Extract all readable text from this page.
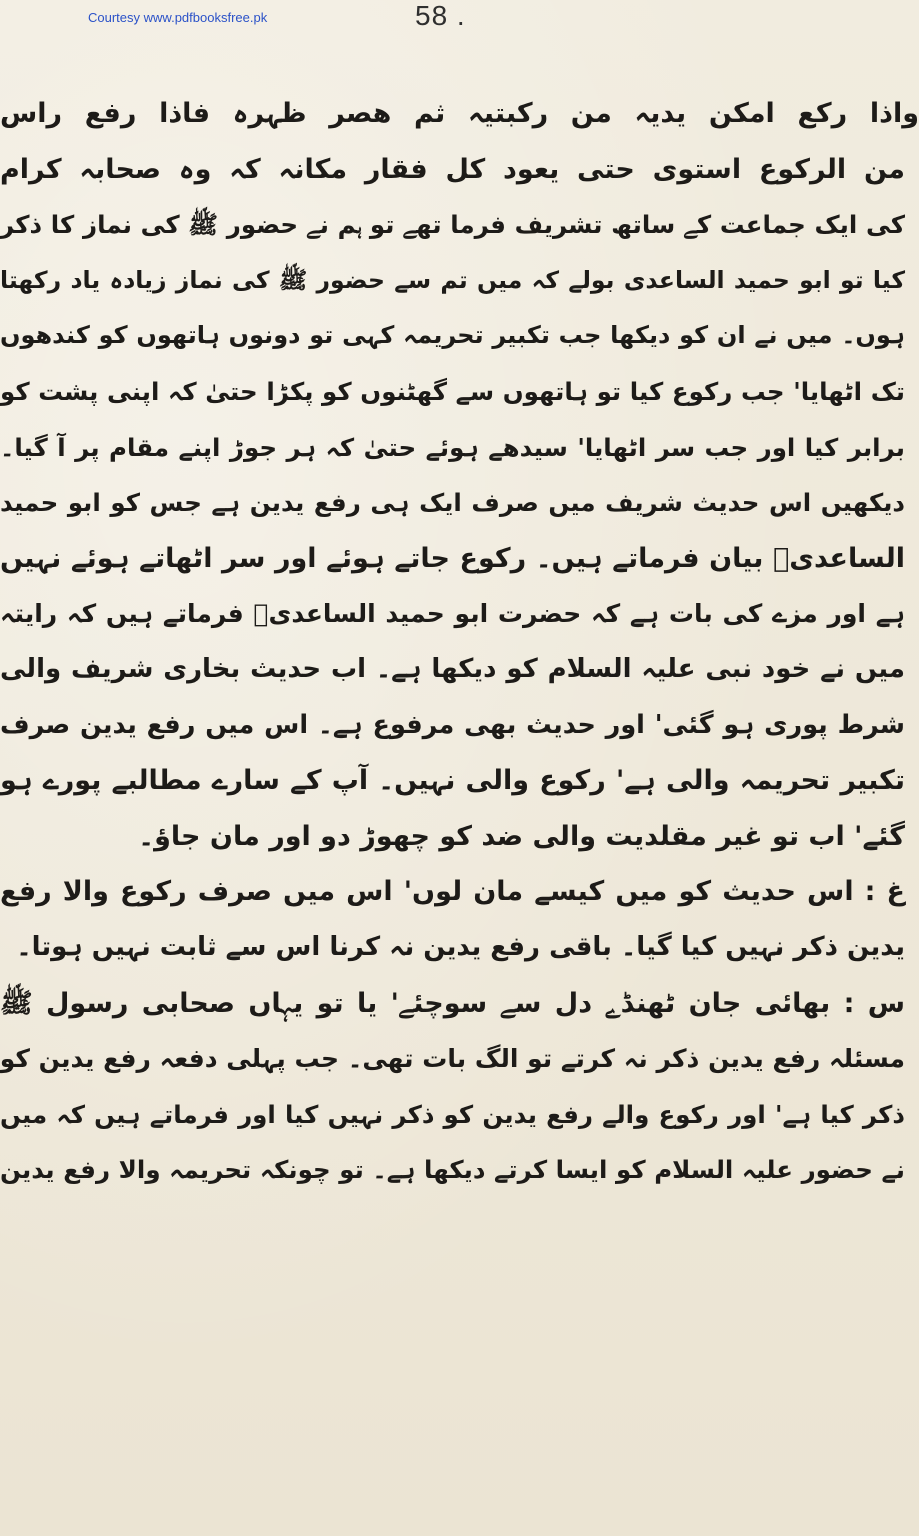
Courtesy www.pdfbooksfree.pk	58 .

واذا رکع امکن یدیہ من رکبتیہ ثم ھصر ظہرہ فاذا رفع راس
من الرکوع استوی حتی یعود کل فقار مکانہ کہ وہ صحابہ کرام
کی ایک جماعت کے ساتھ تشریف فرما تھے تو ہم نے حضور ﷺ کی نماز کا ذکر
کیا تو ابو حمید الساعدی بولے کہ میں تم سے حضور ﷺ کی نماز زیادہ یاد رکھتا
ہوں۔ میں نے ان کو دیکھا جب تکبیر تحریمہ کہی تو دونوں ہاتھوں کو کندھوں
تک اٹھایا' جب رکوع کیا تو ہاتھوں سے گھٹنوں کو پکڑا حتیٰ کہ اپنی پشت کو
برابر کیا اور جب سر اٹھایا' سیدھے ہوئے حتیٰ کہ ہر جوڑ اپنے مقام پر آ گیا۔
دیکھیں اس حدیث شریف میں صرف ایک ہی رفع یدین ہے جس کو ابو حمید
الساعدیؓ بیان فرماتے ہیں۔ رکوع جاتے ہوئے اور سر اٹھاتے ہوئے نہیں
ہے اور مزے کی بات ہے کہ حضرت ابو حمید الساعدیؓ فرماتے ہیں کہ رایتہ
میں نے خود نبی علیہ السلام کو دیکھا ہے۔ اب حدیث بخاری شریف والی
شرط پوری ہو گئی' اور حدیث بھی مرفوع ہے۔ اس میں رفع یدین صرف
تکبیر تحریمہ والی ہے' رکوع والی نہیں۔ آپ کے سارے مطالبے پورے ہو
گئے' اب تو غیر مقلدیت والی ضد کو چھوڑ دو اور مان جاؤ۔
غ : اس حدیث کو میں کیسے مان لوں' اس میں صرف رکوع والا رفع
یدین ذکر نہیں کیا گیا۔ باقی رفع یدین نہ کرنا اس سے ثابت نہیں ہوتا۔
س : بھائی جان ٹھنڈے دل سے سوچئے' یا تو یہاں صحابی رسول ﷺ
مسئلہ رفع یدین ذکر نہ کرتے تو الگ بات تھی۔ جب پہلی دفعہ رفع یدین کو
ذکر کیا ہے' اور رکوع والے رفع یدین کو ذکر نہیں کیا اور فرماتے ہیں کہ میں
نے حضور علیہ السلام کو ایسا کرتے دیکھا ہے۔ تو چونکہ تحریمہ والا رفع یدین
